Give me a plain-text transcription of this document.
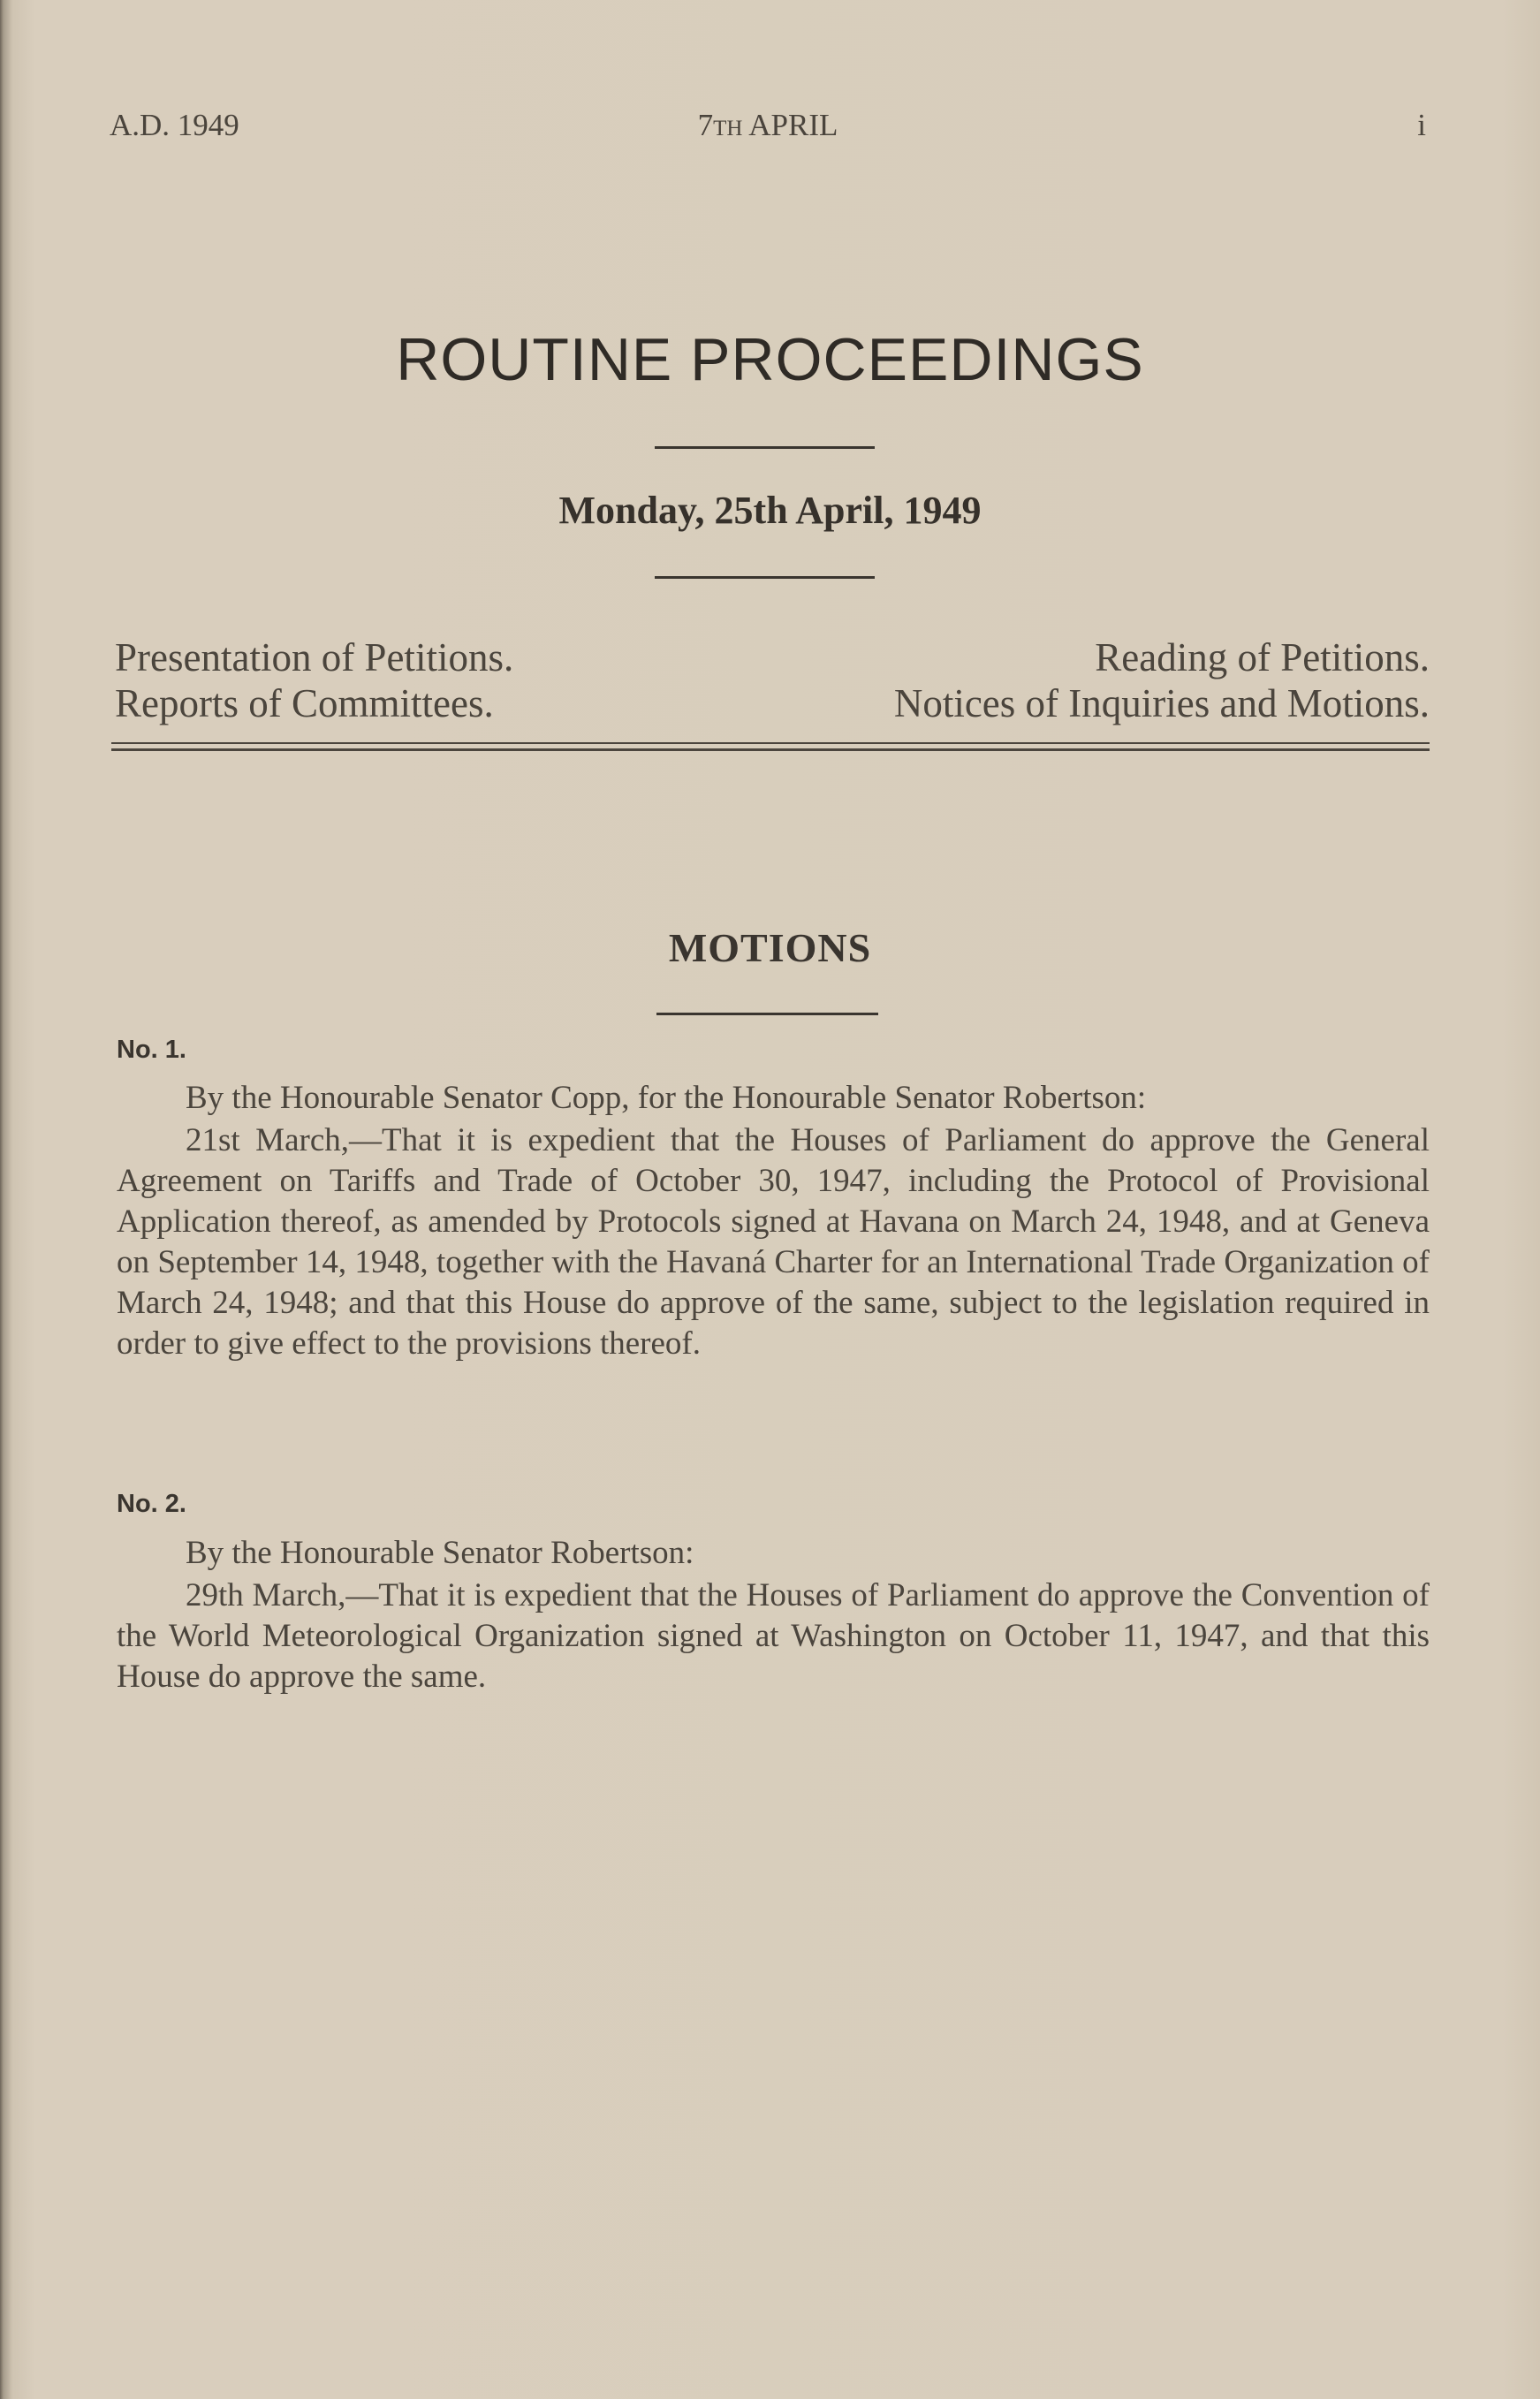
A.D. 1949	7th APRIL	i
ROUTINE PROCEEDINGS
Monday, 25th April, 1949
Presentation of Petitions.	Reading of Petitions.
Reports of Committees.	Notices of Inquiries and Motions.
MOTIONS
No. 1.

By the Honourable Senator Copp, for the Honourable Senator Robertson:

21st March,—That it is expedient that the Houses of Parliament do approve the General Agreement on Tariffs and Trade of October 30, 1947, including the Protocol of Provisional Application thereof, as amended by Protocols signed at Havana on March 24, 1948, and at Geneva on September 14, 1948, together with the Havaná Charter for an International Trade Organization of March 24, 1948; and that this House do approve of the same, subject to the legislation required in order to give effect to the provisions thereof.

No. 2.

By the Honourable Senator Robertson:

29th March,—That it is expedient that the Houses of Parliament do approve the Convention of the World Meteorological Organization signed at Washington on October 11, 1947, and that this House do approve the same.
